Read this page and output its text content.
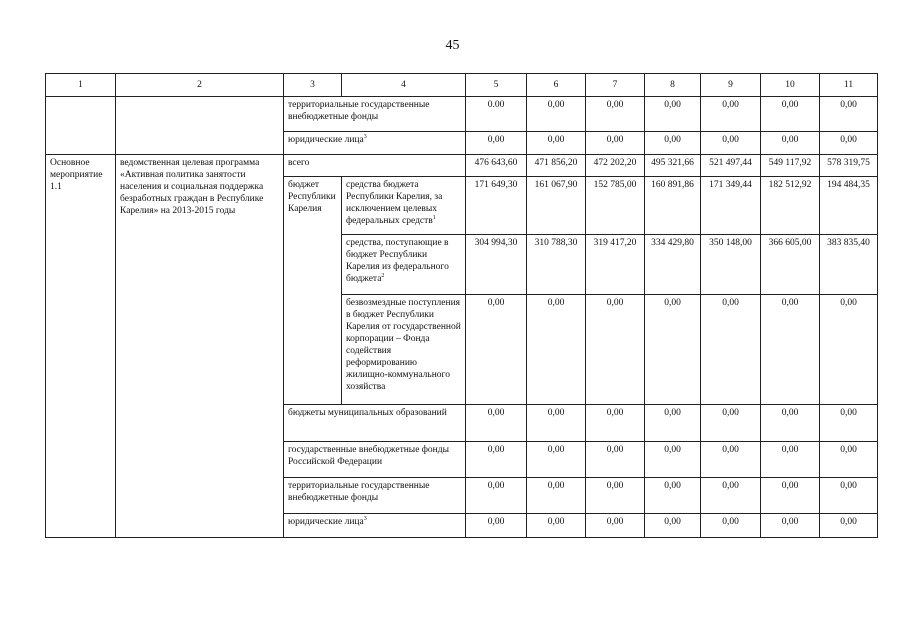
45
1	2	3	4	5	6	7	8	9	10	11
		территориальные государственные внебюджетные фонды		0.00	0,00	0,00	0,00	0,00	0,00	0,00
		юридические лица$^3$		0,00	0,00	0,00	0,00	0,00	0,00	0,00
Основное мероприятие 1.1	ведомственная целевая программа «Активная политика занятости населения и социальная поддержка безработных граждан в Республике Карелия» на 2013-2015 годы	всего		476 643,60	471 856,20	472 202,20	495 321,66	521 497,44	549 117,92	578 319,75
		бюджет Республики Карелия	средства бюджета Республики Карелия, за исключением целевых федеральных средств$^1$	171 649,30	161 067,90	152 785,00	160 891,86	171 349,44	182 512,92	194 484,35
			средства, поступающие в бюджет Республики Карелия из федерального бюджета$^2$	304 994,30	310 788,30	319 417,20	334 429,80	350 148,00	366 605,00	383 835,40
			безвозмездные поступления в бюджет Республики Карелия от государственной корпорации – Фонда содействия реформированию жилищно-коммунального хозяйства	0,00	0,00	0,00	0,00	0,00	0,00	0,00
		бюджеты муниципальных образований		0,00	0,00	0,00	0,00	0,00	0,00	0,00
		государственные внебюджетные фонды Российской Федерации		0,00	0,00	0,00	0,00	0,00	0,00	0,00
		территориальные государственные внебюджетные фонды		0,00	0,00	0,00	0,00	0,00	0,00	0,00
		юридические лица$^3$		0,00	0,00	0,00	0,00	0,00	0,00	0,00
